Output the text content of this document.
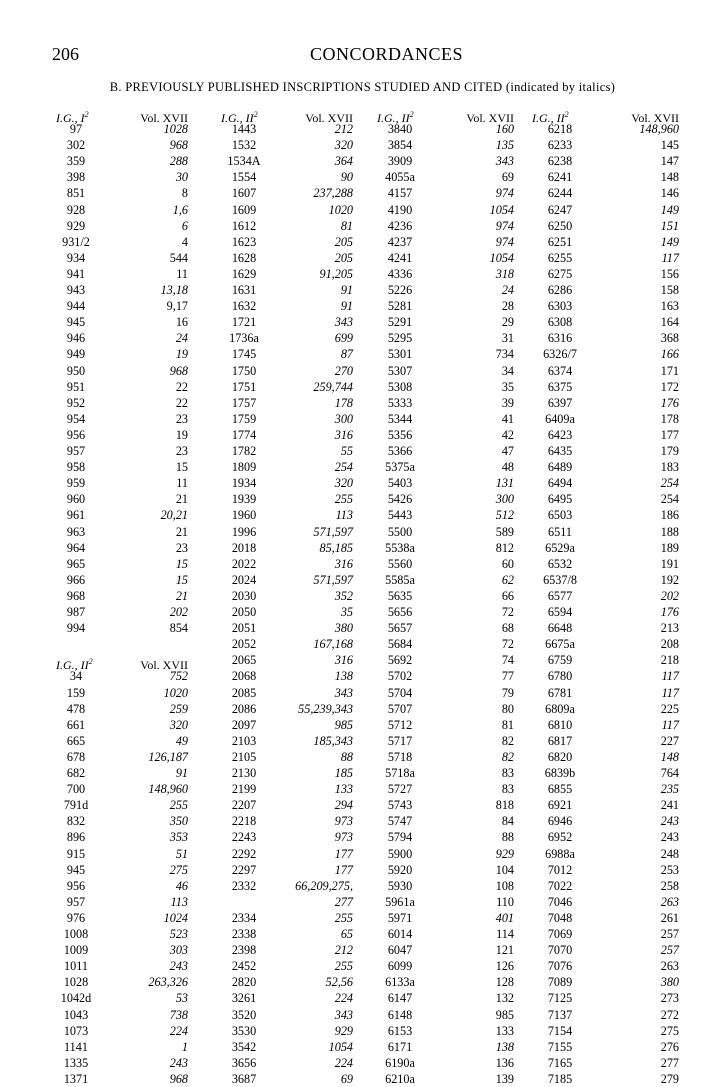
206	CONCORDANCES
B. PREVIOUSLY PUBLISHED INSCRIPTIONS STUDIED AND CITED (indicated by italics)
I.G., $I^2$	Vol. XVII
97	1028
302	968
359	288
398	30
851	8
928	1,6
929	6
931/2	4
934	544
941	11
943	13,18
944	9,17
945	16
946	24
949	19
950	968
951	22
952	22
954	23
956	19
957	23
958	15
959	11
960	21
961	20,21
963	21
964	23
965	15
966	15
968	21
987	202
994	854
I.G., $II^2$	Vol. XVII
34	752
159	1020
478	259
661	320
665	49
678	126,187
682	91
700	148,960
791d	255
832	350
896	353
915	51
945	275
956	46
957	113
976	1024
1008	523
1009	303
1011	243
1028	263,326
1042d	53
1043	738
1073	224
1141	1
1335	243
1371	968
I.G., $II^2$	Vol. XVII
1443	212
1532	320
1534A	364
1554	90
1607	237,288
1609	1020
1612	81
1623	205
1628	205
1629	91,205
1631	91
1632	91
1721	343
1736a	699
1745	87
1750	270
1751	259,744
1757	178
1759	300
1774	316
1782	55
1809	254
1934	320
1939	255
1960	113
1996	571,597
2018	85,185
2022	316
2024	571,597
2030	352
2050	35
2051	380
2052	167,168
2065	316
2068	138
2085	343
2086	55,239,343
2097	985
2103	185,343
2105	88
2130	185
2199	133
2207	294
2218	973
2243	973
2292	177
2297	177
2332	66,209,275,
277
2334	255
2338	65
2398	212
2452	255
2820	52,56
3261	224
3520	343
3530	929
3542	1054
3656	224
3687	69
I.G., $II^2$	Vol. XVII
3840	160
3854	135
3909	343
4055a	69
4157	974
4190	1054
4236	974
4237	974
4241	1054
4336	318
5226	24
5281	28
5291	29
5295	31
5301	734
5307	34
5308	35
5333	39
5344	41
5356	42
5366	47
5375a	48
5403	131
5426	300
5443	512
5500	589
5538a	812
5560	60
5585a	62
5635	66
5656	72
5657	68
5684	72
5692	74
5702	77
5704	79
5707	80
5712	81
5717	82
5718	82
5718a	83
5727	83
5743	818
5747	84
5794	88
5900	929
5920	104
5930	108
5961a	110
5971	401
6014	114
6047	121
6099	126
6133a	128
6147	132
6148	985
6153	133
6171	138
6190a	136
6210a	139
I.G., $II^2$	Vol. XVII
6218	148,960
6233	145
6238	147
6241	148
6244	146
6247	149
6250	151
6251	149
6255	117
6275	156
6286	158
6303	163
6308	164
6316	368
6326/7	166
6374	171
6375	172
6397	176
6409a	178
6423	177
6435	179
6489	183
6494	254
6495	254
6503	186
6511	188
6529a	189
6532	191
6537/8	192
6577	202
6594	176
6648	213
6675a	208
6759	218
6780	117
6781	117
6809a	225
6810	117
6817	227
6820	148
6839b	764
6855	235
6921	241
6946	243
6952	243
6988a	248
7012	253
7022	258
7046	263
7048	261
7069	257
7070	257
7076	263
7089	380
7125	273
7137	272
7154	275
7155	276
7165	277
7185	279
